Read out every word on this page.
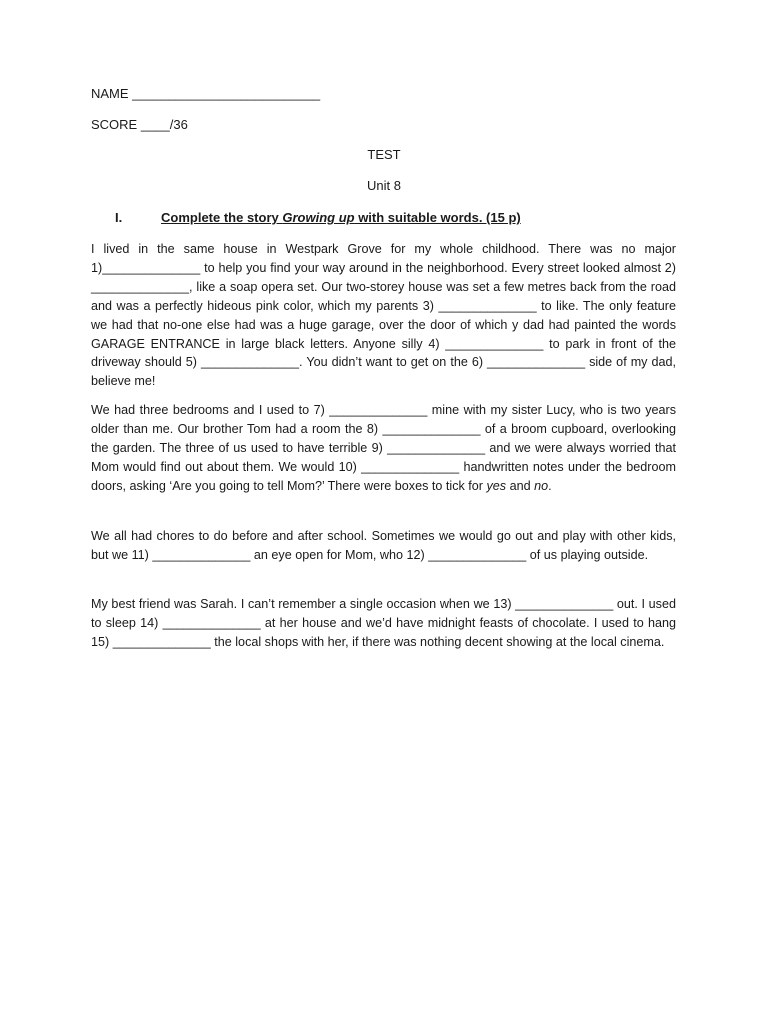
NAME __________________________
SCORE ____/36
TEST
Unit 8
I.	Complete the story Growing up with suitable words. (15 p)

I lived in the same house in Westpark Grove for my whole childhood. There was no major 1)______________ to help you find your way around in the neighborhood. Every street looked almost 2) ______________, like a soap opera set. Our two-storey house was set a few metres back from the road and was a perfectly hideous pink color, which my parents 3) ______________ to like. The only feature we had that no-one else had was a huge garage, over the door of which y dad had painted the words GARAGE ENTRANCE in large black letters. Anyone silly 4) ______________ to park in front of the driveway should 5) ______________. You didn’t want to get on the 6) ______________ side of my dad, believe me!

We had three bedrooms and I used to 7) ______________ mine with my sister Lucy, who is two years older than me. Our brother Tom had a room the 8) ______________ of a broom cupboard, overlooking the garden. The three of us used to have terrible 9) ______________ and we were always worried that Mom would find out about them. We would 10) ______________ handwritten notes under the bedroom doors, asking ‘Are you going to tell Mom?’ There were boxes to tick for yes and no.

We all had chores to do before and after school. Sometimes we would go out and play with other kids, but we 11) ______________ an eye open for Mom, who 12) ______________ of us playing outside.

My best friend was Sarah. I can’t remember a single occasion when we 13) ______________ out. I used to sleep 14) ______________ at her house and we’d have midnight feasts of chocolate. I used to hang 15) ______________ the local shops with her, if there was nothing decent showing at the local cinema.
